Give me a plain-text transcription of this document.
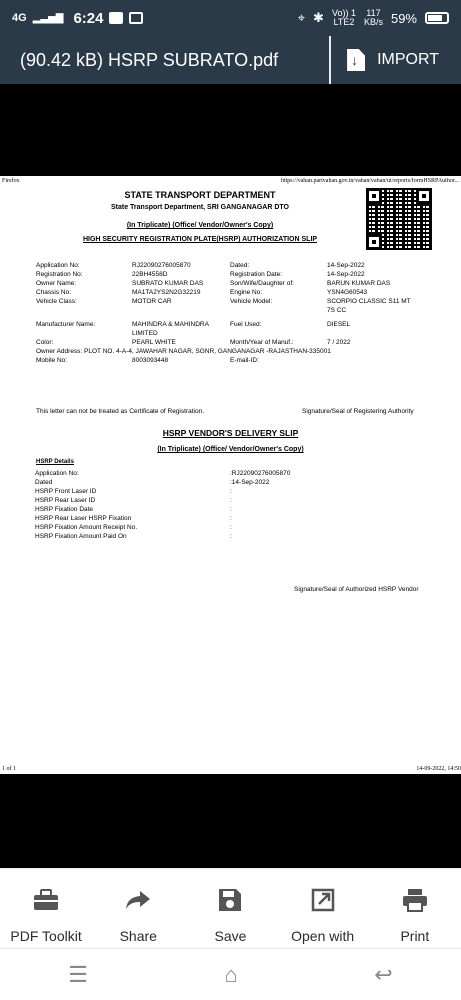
4G ▂▃▅▇ 6:24	⌖ ✱ Vo)) 1
LTE2
117
KB/s 59%
(90.42 kB) HSRP SUBRATO.pdf
↓	IMPORT
Firefox	https://vahan.parivahan.gov.in/vahan/vahan/ui/reports/formHSRPAuthor...
STATE TRANSPORT DEPARTMENT
State Transport Department, SRI GANGANAGAR DTO
(In Triplicate) (Office/ Vendor/Owner's Copy)
HIGH SECURITY REGISTRATION PLATE(HSRP) AUTHORIZATION SLIP
Application No:	RJ22090276005870	Dated:	14-Sep-2022
Registration No:	22BH4558D	Registration Date:	14-Sep-2022
Owner Name:	SUBRATO KUMAR DAS	Son/Wife/Daughter of:	BARUN KUMAR DAS
Chassis No:	MA1TA2YS2N2G32219	Engine No:	YSN4G60543
Vehicle Class:	MOTOR CAR	Vehicle Model:	SCORPIO CLASSIC S11 MT
7S CC
Manufacturer Name:	MAHINDRA & MAHINDRA	Fuel Used:	DIESEL
LIMITED
Color:	PEARL WHITE	Month/Year of Manuf.:	7 / 2022
Owner Address: PLOT NO. 4-A-4, JAWAHAR NAGAR, SGNR, GANGANAGAR -RAJASTHAN-335001
Mobile No:	8003093448	E-mail-ID:
This letter can not be treated as Certificate of Registration.	Signature/Seal of Registering Authority
HSRP VENDOR'S DELIVERY SLIP
(In Triplicate) (Office/ Vendor/Owner's Copy)
HSRP Details
Application No:	:RJ22090276005870
Dated	:14-Sep-2022
HSRP Front Laser ID	:
HSRP Rear Laser ID	:
HSRP Fixation Date	:
HSRP Rear Laser HSRP Fixation	:
HSRP Fixation Amount Receipt No.	:
HSRP Fixation Amount Paid On	:
Signature/Seal of Authorized HSRP Vendor
1 of 1	14-09-2022, 14:50
PDF Toolkit	Share	Save	Open with	Print
☰	⌂	↩
